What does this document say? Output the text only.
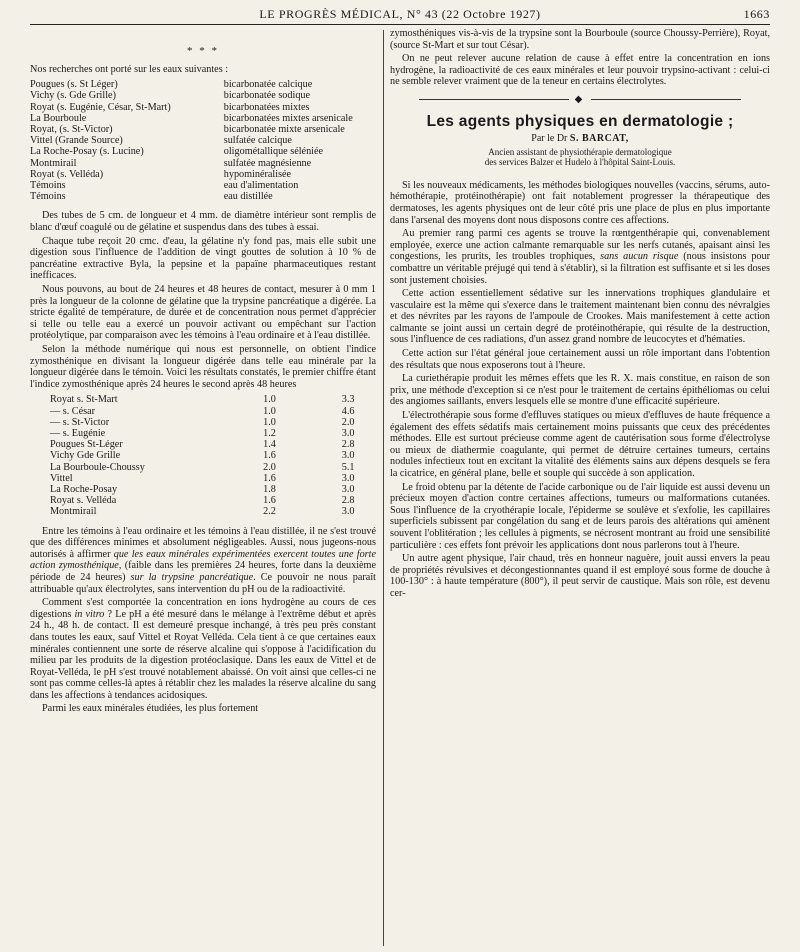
LE PROGRÈS MÉDICAL, N° 43 (22 Octobre 1927)	1663
* * *

Nos recherches ont porté sur les eaux suivantes :

Pougues (s. St Léger)	bicarbonatée calcique
Vichy (s. Gde Grille)	bicarbonatée sodique
Royat (s. Eugénie, César, St-Mart)	bicarbonatées mixtes
La Bourboule	bicarbonatées mixtes arsenicale
Royat, (s. St-Victor)	bicarbonatée mixte arsenicale
Vittel (Grande Source)	sulfatée calcique
La Roche-Posay (s. Lucine)	oligométallique séléniée
Montmirail	sulfatée magnésienne
Royat (s. Velléda)	hypominéralisée
Témoins	eau d'alimentation
Témoins	eau distillée

Des tubes de 5 cm. de longueur et 4 mm. de diamètre intérieur sont remplis de blanc d'œuf coagulé ou de gélatine et suspendus dans des tubes à essai.

Chaque tube reçoit 20 cmc. d'eau, la gélatine n'y fond pas, mais elle subit une digestion sous l'influence de l'addition de vingt gouttes de solution à 10 % de pancréatine extractive Byla, la pepsine et la papaïne pharmaceutiques restant inefficaces.

Nous pouvons, au bout de 24 heures et 48 heures de contact, mesurer à 0 mm 1 près la longueur de la colonne de gélatine que la trypsine pancréatique a digérée. La stricte égalité de température, de durée et de concentration nous permet d'apprécier si telle ou telle eau a exercé un pouvoir activant ou empêchant sur l'action protéolytique, par comparaison avec les témoins à l'eau ordinaire et à l'eau distillée.

Selon la méthode numérique qui nous est personnelle, on obtient l'indice zymosthénique en divisant la longueur digérée dans telle eau minérale par la longueur digérée dans le témoin. Voici les résultats constatés, le premier chiffre étant l'indice zymosthénique après 24 heures le second après 48 heures

Royat s. St-Mart	1.0	3.3
— s. César	1.0	4.6
— s. St-Victor	1.0	2.0
— s. Eugénie	1.2	3.0
Pougues St-Léger	1.4	2.8
Vichy Gde Grille	1.6	3.0
La Bourboule-Choussy	2.0	5.1
Vittel	1.6	3.0
La Roche-Posay	1.8	3.0
Royat s. Velléda	1.6	2.8
Montmirail	2.2	3.0

Entre les témoins à l'eau ordinaire et les témoins à l'eau distillée, il ne s'est trouvé que des différences minimes et absolument négligeables. Aussi, nous jugeons-nous autorisés à affirmer que les eaux minérales expérimentées exercent toutes une forte action zymosthénique, (faible dans les premières 24 heures, forte dans la deuxième période de 24 heures) sur la trypsine pancréatique. Ce pouvoir ne nous paraît attribuable qu'aux électrolytes, sans intervention du pH ou de la radioactivité.

Comment s'est comportée la concentration en ions hydrogène au cours de ces digestions in vitro ? Le pH a été mesuré dans le mélange à l'extrême début et après 24 h., 48 h. de contact. Il est demeuré presque inchangé, à très peu près constant dans toutes les eaux, sauf Vittel et Royat Velléda. Cela tient à ce que certaines eaux minérales contiennent une sorte de réserve alcaline qui s'oppose à l'acidification du milieu par les produits de la digestion protéoclasique. Dans les eaux de Vittel et de Royat-Velléda, le pH s'est trouvé notablement abaissé. On voit ainsi que celles-ci ne sont pas comme celles-là aptes à rétablir chez les malades la réserve alcaline du sang dans les affections à tendances acidosiques.

Parmi les eaux minérales étudiées, les plus fortement

zymosthéniques vis-à-vis de la trypsine sont la Bourboule (source Choussy-Perrière), Royat, (source St-Mart et sur tout César).

On ne peut relever aucune relation de cause à effet entre la concentration en ions hydrogène, la radioactivité de ces eaux minérales et leur pouvoir trypsino-activant : celui-ci ne semble relever vraiment que de la teneur en certains électrolytes.

◆
Les agents physiques en dermatologie ;
Par le Dr S. BARCAT,
Ancien assistant de physiothérapie dermatologique
des services Balzer et Hudelo à l'hôpital Saint-Louis.

Si les nouveaux médicaments, les méthodes biologiques nouvelles (vaccins, sérums, auto-hémothérapie, protéinothérapie) ont fait notablement progresser la thérapeutique des dermatoses, les agents physiques ont de leur côté pris une place de plus en plus importante dans l'arsenal des moyens dont nous disposons contre ces affections.

Au premier rang parmi ces agents se trouve la rœntgenthérapie qui, convenablement employée, exerce une action calmante remarquable sur les nerfs cutanés, apaisant ainsi les congestions, les prurits, les troubles trophiques, sans aucun risque (nous insistons pour combattre un véritable préjugé qui tend à s'établir), si la filtration est suffisante et si les doses sont justement choisies.

Cette action essentiellement sédative sur les innervations trophiques glandulaire et vasculaire est la même qui s'exerce dans le traitement maintenant bien connu des névralgies et des névrites par les rayons de l'ampoule de Crookes. Mais manifestement à cette action calmante se joint aussi un certain degré de protéinothérapie, qui résulte de la destruction, sous l'influence de ces radiations, d'un assez grand nombre de leucocytes et d'hématies.

Cette action sur l'état général joue certainement aussi un rôle important dans l'obtention des résultats que nous exposerons tout à l'heure.

La curiethérapie produit les mêmes effets que les R. X. mais constitue, en raison de son prix, une méthode d'exception si ce n'est pour le traitement de certains épithéliomas ou celui des angiomes saillants, envers lesquels elle se montre d'une efficacité supérieure.

L'électrothérapie sous forme d'effluves statiques ou mieux d'effluves de haute fréquence a également des effets sédatifs mais certainement moins puissants que ceux des précédentes méthodes. Elle est surtout précieuse comme agent de cautérisation sous forme d'électrolyse ou mieux de diathermie coagulante, qui permet de détruire certaines tumeurs, certains nodules infectieux tout en excitant la vitalité des éléments sains aux dépens desquels se fera la cicatrice, en général plane, belle et souple qui succède à son application.

Le froid obtenu par la détente de l'acide carbonique ou de l'air liquide est aussi devenu un précieux moyen d'action contre certaines affections, tumeurs ou malformations cutanées. Sous l'influence de la cryothérapie locale, l'épiderme se soulève et s'exfolie, les capillaires superficiels subissent par congélation du sang et de leurs parois des altérations qui amènent souvent l'oblitération ; les cellules à pigments, se nécrosent montrant au froid une sensibilité particulière : ces effets font prévoir les applications dont nous parlerons tout à l'heure.

Un autre agent physique, l'air chaud, très en honneur naguère, jouit aussi envers la peau de propriétés révulsives et décongestionnantes quand il est employé sous forme de douche à 100-130° : à haute température (800°), il peut servir de caustique. Mais son rôle, est devenu cer-
